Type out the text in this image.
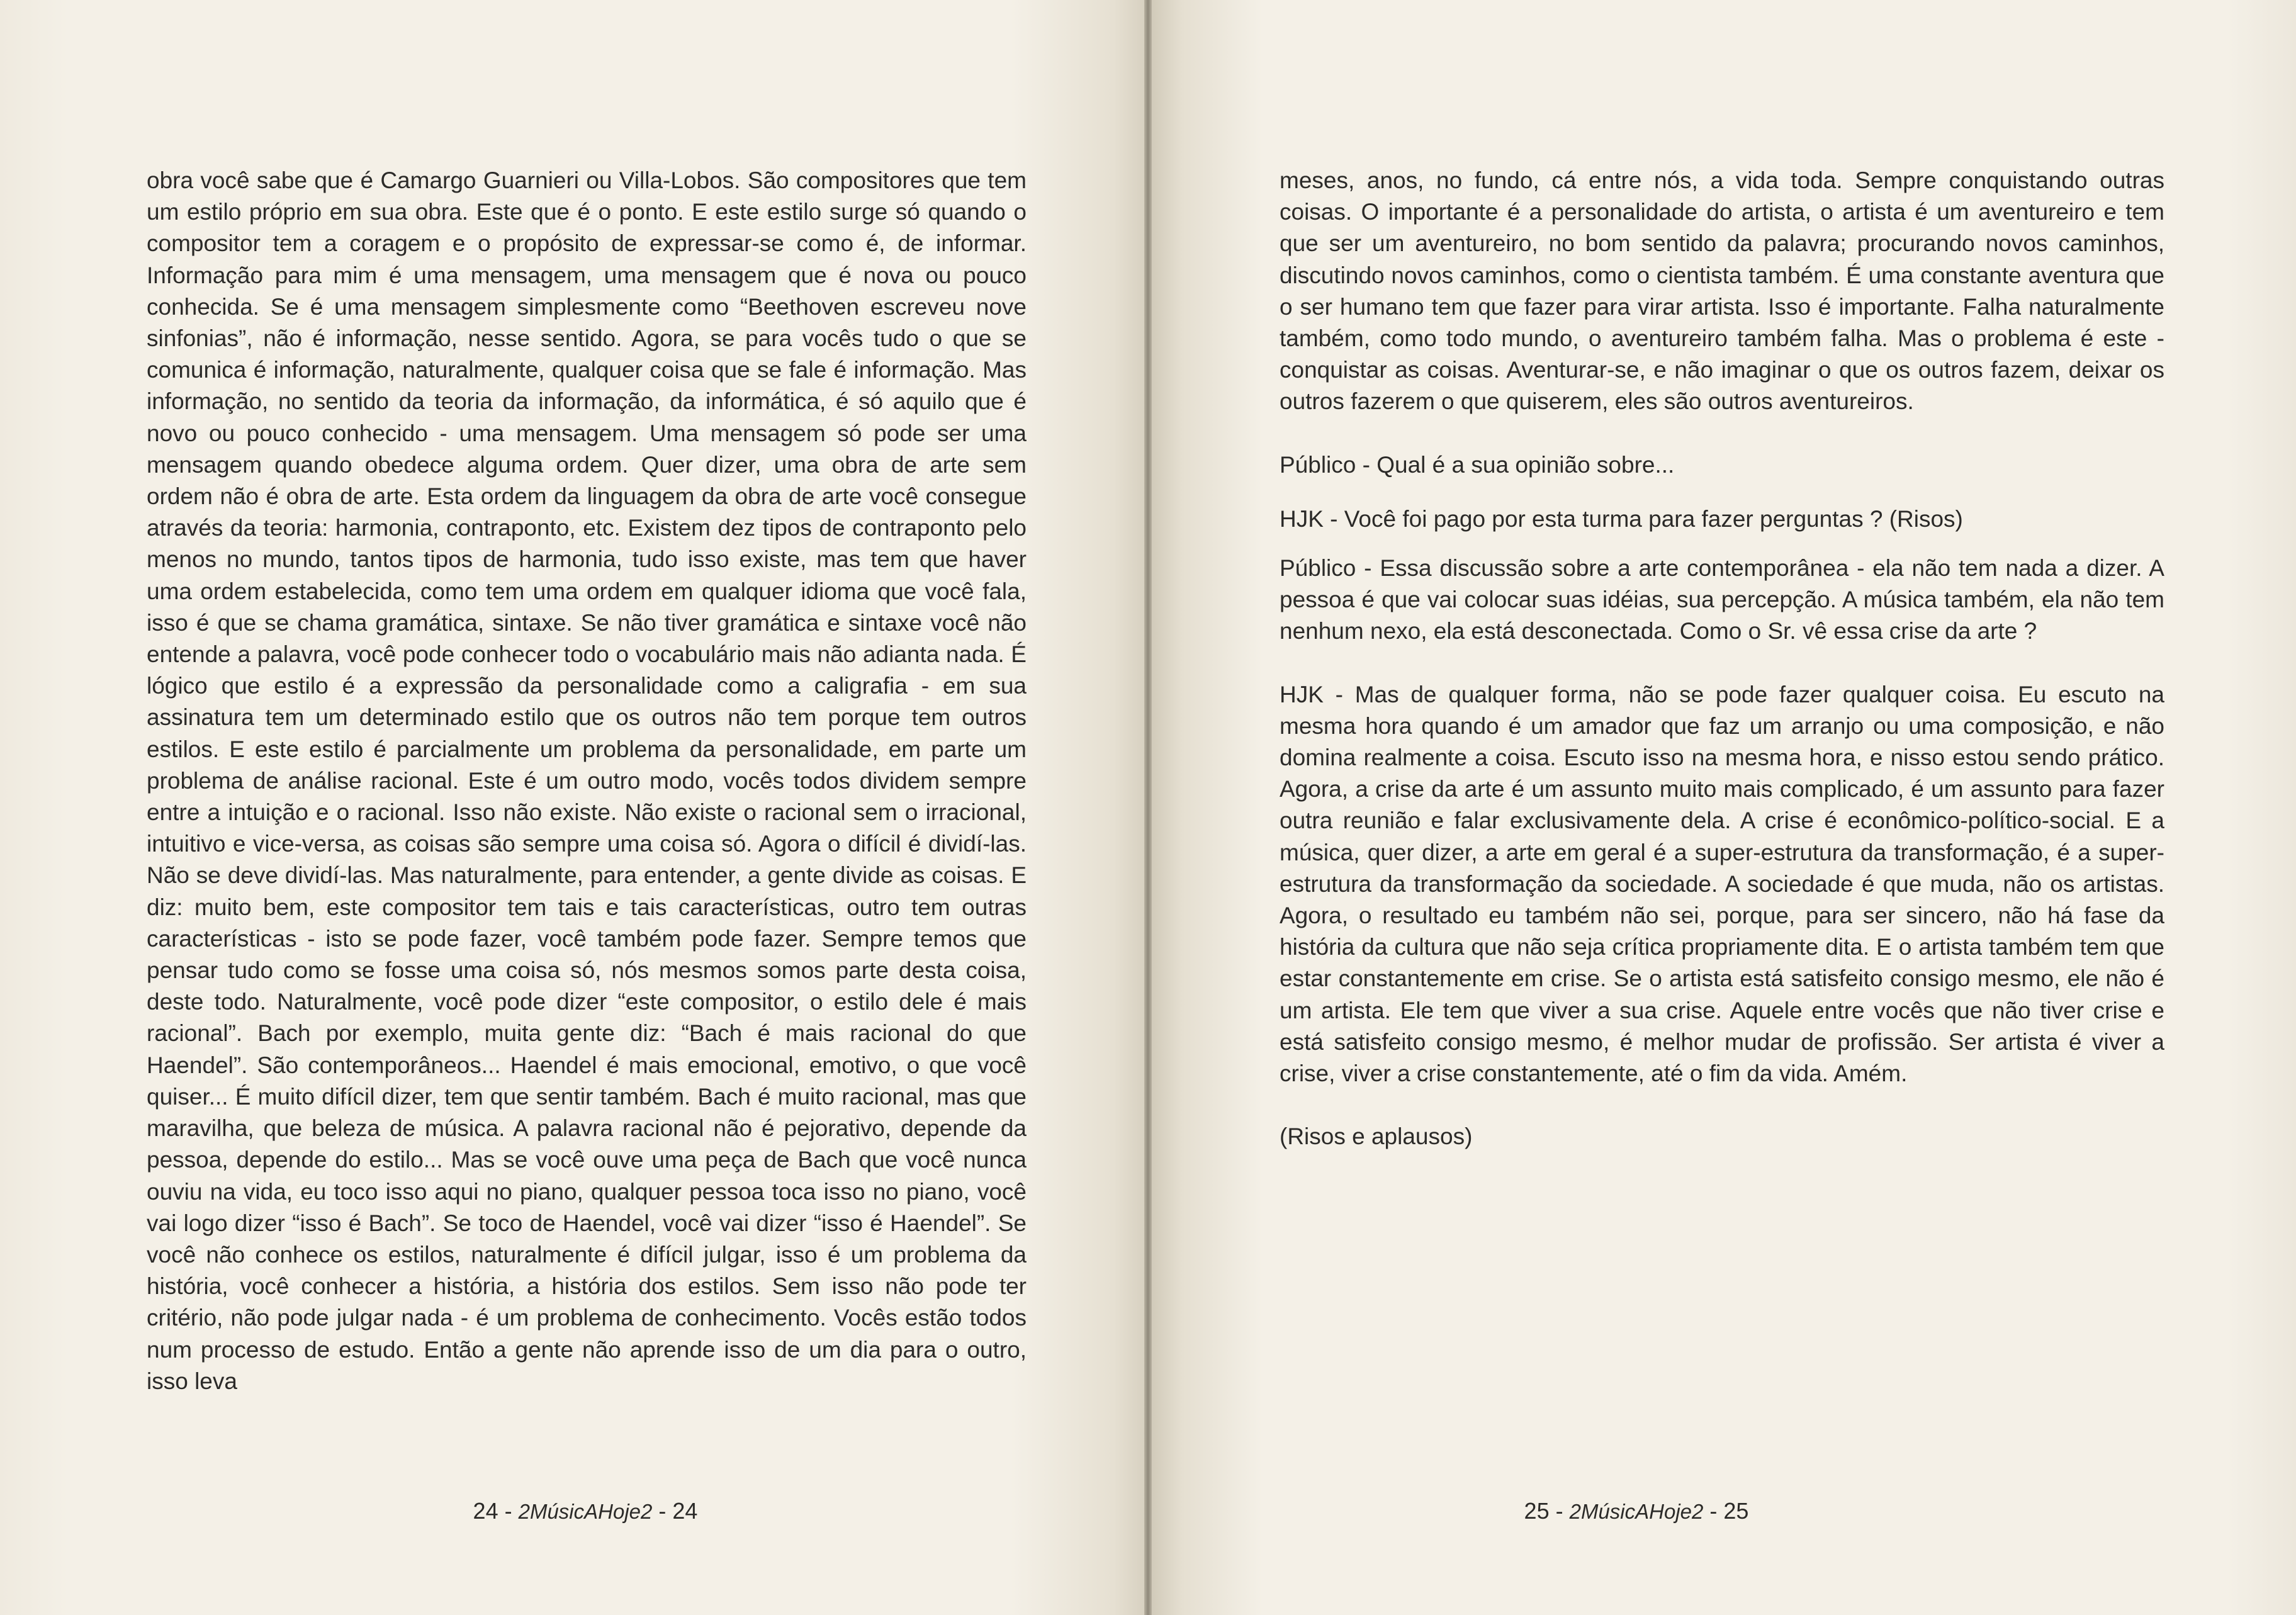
obra você sabe que é Camargo Guarnieri ou Villa-Lobos. São compositores que tem um estilo próprio em sua obra. Este que é o ponto. E este estilo surge só quando o compositor tem a coragem e o propósito de expressar-se como é, de informar. Informação para mim é uma mensagem, uma mensagem que é nova ou pouco conhecida. Se é uma mensagem simplesmente como “Beethoven escreveu nove sinfonias”, não é informação, nesse sentido. Agora, se para vocês tudo o que se comunica é informação, naturalmente, qualquer coisa que se fale é informação. Mas informação, no sentido da teoria da informação, da informática, é só aquilo que é novo ou pouco conhecido - uma mensagem. Uma mensagem só pode ser uma mensagem quando obedece alguma ordem. Quer dizer, uma obra de arte sem ordem não é obra de arte. Esta ordem da linguagem da obra de arte você consegue através da teoria: harmonia, contraponto, etc. Existem dez tipos de contraponto pelo menos no mundo, tantos tipos de harmonia, tudo isso existe, mas tem que haver uma ordem estabelecida, como tem uma ordem em qualquer idioma que você fala, isso é que se chama gramática, sintaxe. Se não tiver gramática e sintaxe você não entende a palavra, você pode conhecer todo o vocabulário mais não adianta nada. É lógico que estilo é a expressão da personalidade como a caligrafia - em sua assinatura tem um determinado estilo que os outros não tem porque tem outros estilos. E este estilo é parcialmente um problema da personalidade, em parte um problema de análise racional. Este é um outro modo, vocês todos dividem sempre entre a intuição e o racional. Isso não existe. Não existe o racional sem o irracional, intuitivo e vice-versa, as coisas são sempre uma coisa só. Agora o difícil é dividí-las. Não se deve dividí-las. Mas naturalmente, para entender, a gente divide as coisas. E diz: muito bem, este compositor tem tais e tais características, outro tem outras características - isto se pode fazer, você também pode fazer. Sempre temos que pensar tudo como se fosse uma coisa só, nós mesmos somos parte desta coisa, deste todo. Naturalmente, você pode dizer “este compositor, o estilo dele é mais racional”. Bach por exemplo, muita gente diz: “Bach é mais racional do que Haendel”. São contemporâneos... Haendel é mais emocional, emotivo, o que você quiser... É muito difícil dizer, tem que sentir também. Bach é muito racional, mas que maravilha, que beleza de música. A palavra racional não é pejorativo, depende da pessoa, depende do estilo... Mas se você ouve uma peça de Bach que você nunca ouviu na vida, eu toco isso aqui no piano, qualquer pessoa toca isso no piano, você vai logo dizer “isso é Bach”. Se toco de Haendel, você vai dizer “isso é Haendel”. Se você não conhece os estilos, naturalmente é difícil julgar, isso é um problema da história, você conhecer a história, a história dos estilos. Sem isso não pode ter critério, não pode julgar nada - é um problema de conhecimento. Vocês estão todos num processo de estudo. Então a gente não aprende isso de um dia para o outro, isso leva

24 - 2MúsicAHoje2 - 24

meses, anos, no fundo, cá entre nós, a vida toda. Sempre conquistando outras coisas. O importante é a personalidade do artista, o artista é um aventureiro e tem que ser um aventureiro, no bom sentido da palavra; procurando novos caminhos, discutindo novos caminhos, como o cientista também. É uma constante aventura que o ser humano tem que fazer para virar artista. Isso é importante. Falha naturalmente também, como todo mundo, o aventureiro também falha. Mas o problema é este - conquistar as coisas. Aventurar-se, e não imaginar o que os outros fazem, deixar os outros fazerem o que quiserem, eles são outros aventureiros.

Público - Qual é a sua opinião sobre...

HJK - Você foi pago por esta turma para fazer perguntas ? (Risos)

Público - Essa discussão sobre a arte contemporânea - ela não tem nada a dizer. A pessoa é que vai colocar suas idéias, sua percepção. A música também, ela não tem nenhum nexo, ela está desconectada. Como o Sr. vê essa crise da arte ?

HJK - Mas de qualquer forma, não se pode fazer qualquer coisa. Eu escuto na mesma hora quando é um amador que faz um arranjo ou uma composição, e não domina realmente a coisa. Escuto isso na mesma hora, e nisso estou sendo prático. Agora, a crise da arte é um assunto muito mais complicado, é um assunto para fazer outra reunião e falar exclusivamente dela. A crise é econômico-político-social. E a música, quer dizer, a arte em geral é a super-estrutura da transformação, é a super-estrutura da transformação da sociedade. A sociedade é que muda, não os artistas. Agora, o resultado eu também não sei, porque, para ser sincero, não há fase da história da cultura que não seja crítica propriamente dita. E o artista também tem que estar constantemente em crise. Se o artista está satisfeito consigo mesmo, ele não é um artista. Ele tem que viver a sua crise. Aquele entre vocês que não tiver crise e está satisfeito consigo mesmo, é melhor mudar de profissão. Ser artista é viver a crise, viver a crise constantemente, até o fim da vida. Amém.

(Risos e aplausos)

25 - 2MúsicAHoje2 - 25
